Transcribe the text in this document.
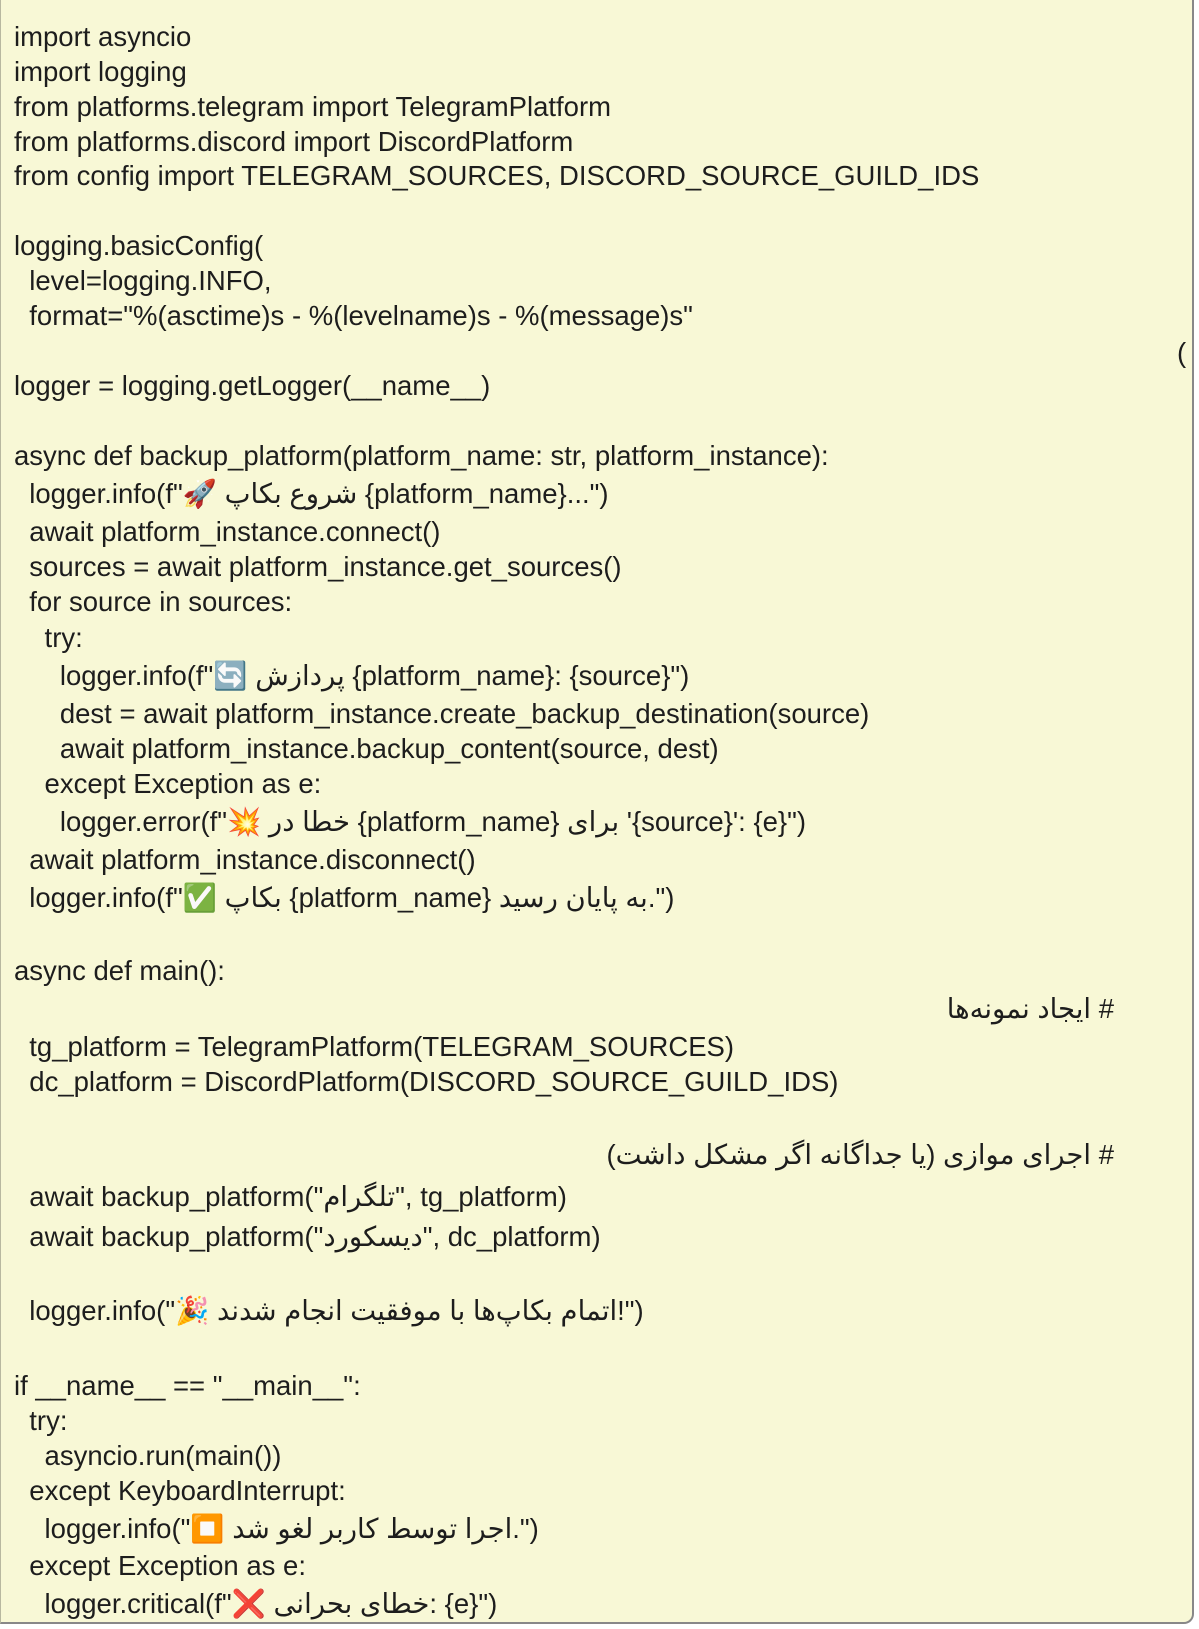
import asyncio
import logging
from platforms.telegram import TelegramPlatform
from platforms.discord import DiscordPlatform
from config import TELEGRAM_SOURCES, DISCORD_SOURCE_GUILD_IDS
logging.basicConfig(
level=logging.INFO,
format="%(asctime)s - %(levelname)s - %(message)s"
logger = logging.getLogger(__name__)
async def backup_platform(platform_name: str, platform_instance):
logger.info(f"🚀 شروع بکاپ {platform_name}...")
await platform_instance.connect()
sources = await platform_instance.get_sources()
for source in sources:
try:
logger.info(f"🔄 پردازش {platform_name}: {source}")
dest = await platform_instance.create_backup_destination(source)
await platform_instance.backup_content(source, dest)
except Exception as e:
logger.error(f"💥 خطا در {platform_name} برای '{source}': {e}")
await platform_instance.disconnect()
logger.info(f"✅ بکاپ {platform_name} به پایان رسید.")
async def main():
tg_platform = TelegramPlatform(TELEGRAM_SOURCES)
dc_platform = DiscordPlatform(DISCORD_SOURCE_GUILD_IDS)
await backup_platform("تلگرام", tg_platform)
await backup_platform("دیسکورد", dc_platform)
logger.info("🎉 اتمام بکاپ‌ها با موفقیت انجام شدند!")
if __name__ == "__main__":
try:
asyncio.run(main())
except KeyboardInterrupt:
logger.info("⏹️ اجرا توسط کاربر لغو شد.")
except Exception as e:
logger.critical(f"❌ خطای بحرانی: {e}")
# ایجاد نمونه‌ها
# اجرای موازی (یا جداگانه اگر مشکل داشت)
(
